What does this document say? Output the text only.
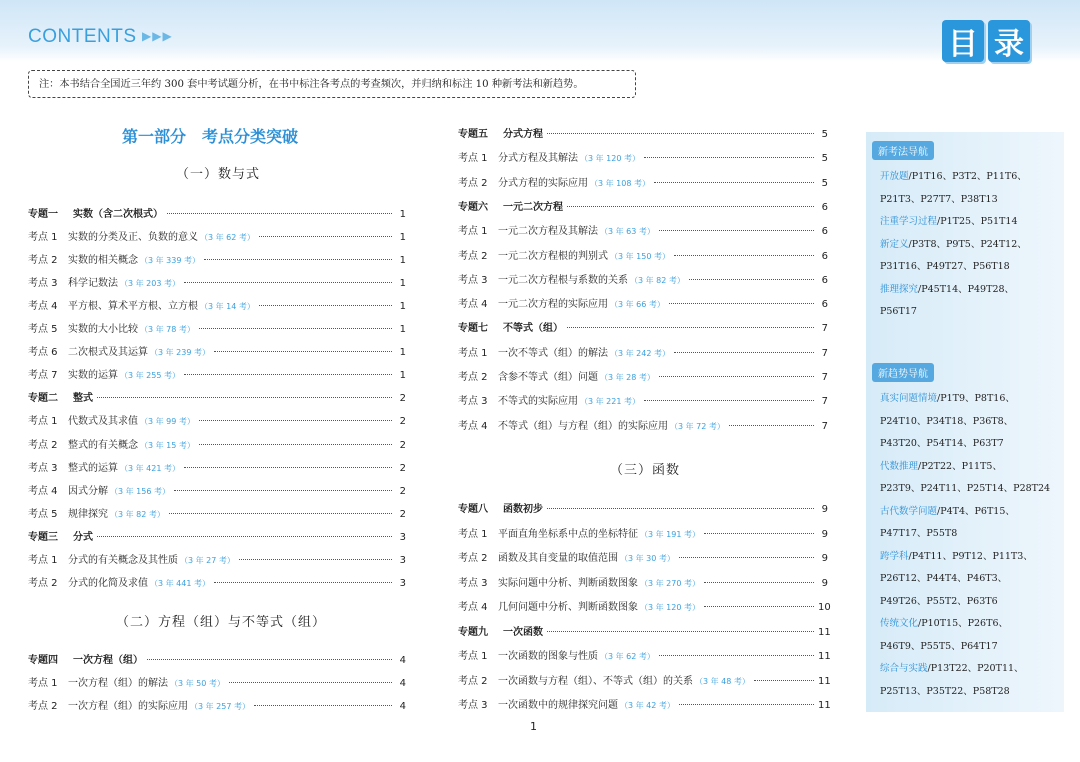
CONTENTS ▶▶▶	目 录
注：本书结合全国近三年约 300 套中考试题分析，在书中标注各考点的考查频次，并归纳和标注 10 种新考法和新趋势。
第一部分　考点分类突破
（一）数与式
（二）方程（组）与不等式（组）
（三）函数
专题一	实数（含二次根式）	1
考点 1	实数的分类及正、负数的意义 （3 年 62 考）	1
考点 2	实数的相关概念 （3 年 339 考）	1
考点 3	科学记数法 （3 年 203 考）	1
考点 4	平方根、算术平方根、立方根 （3 年 14 考）	1
考点 5	实数的大小比较 （3 年 78 考）	1
考点 6	二次根式及其运算 （3 年 239 考）	1
考点 7	实数的运算 （3 年 255 考）	1
专题二	整式	2
考点 1	代数式及其求值 （3 年 99 考）	2
考点 2	整式的有关概念 （3 年 15 考）	2
考点 3	整式的运算 （3 年 421 考）	2
考点 4	因式分解 （3 年 156 考）	2
考点 5	规律探究 （3 年 82 考）	2
专题三	分式	3
考点 1	分式的有关概念及其性质 （3 年 27 考）	3
考点 2	分式的化简及求值 （3 年 441 考）	3
专题四	一次方程（组）	4
考点 1	一次方程（组）的解法 （3 年 50 考）	4
考点 2	一次方程（组）的实际应用 （3 年 257 考）	4
专题五	分式方程	5
考点 1	分式方程及其解法 （3 年 120 考）	5
考点 2	分式方程的实际应用 （3 年 108 考）	5
专题六	一元二次方程	6
考点 1	一元二次方程及其解法 （3 年 63 考）	6
考点 2	一元二次方程根的判别式 （3 年 150 考）	6
考点 3	一元二次方程根与系数的关系 （3 年 82 考）	6
考点 4	一元二次方程的实际应用 （3 年 66 考）	6
专题七	不等式（组）	7
考点 1	一次不等式（组）的解法 （3 年 242 考）	7
考点 2	含参不等式（组）问题 （3 年 28 考）	7
考点 3	不等式的实际应用 （3 年 221 考）	7
考点 4	不等式（组）与方程（组）的实际应用 （3 年 72 考）	7
专题八	函数初步	9
考点 1	平面直角坐标系中点的坐标特征 （3 年 191 考）	9
考点 2	函数及其自变量的取值范围 （3 年 30 考）	9
考点 3	实际问题中分析、判断函数图象 （3 年 270 考）	9
考点 4	几何问题中分析、判断函数图象 （3 年 120 考）	10
专题九	一次函数	11
考点 1	一次函数的图象与性质 （3 年 62 考）	11
考点 2	一次函数与方程（组）、不等式（组）的关系 （3 年 48 考）	11
考点 3	一次函数中的规律探究问题 （3 年 42 考）	11
新考法导航
开放题/P1T16、P3T2、P11T6、
P21T3、P27T7、P38T13
注重学习过程/P1T25、P51T14
新定义/P3T8、P9T5、P24T12、
P31T16、P49T27、P56T18
推理探究/P45T14、P49T28、
P56T17
新趋势导航
真实问题情境/P1T9、P8T16、
P24T10、P34T18、P36T8、
P43T20、P54T14、P63T7
代数推理/P2T22、P11T5、
P23T9、P24T11、P25T14、P28T24
古代数学问题/P4T4、P6T15、
P47T17、P55T8
跨学科/P4T11、P9T12、P11T3、
P26T12、P44T4、P46T3、
P49T26、P55T2、P63T6
传统文化/P10T15、P26T6、
P46T9、P55T5、P64T17
综合与实践/P13T22、P20T11、
P25T13、P35T22、P58T28
1
